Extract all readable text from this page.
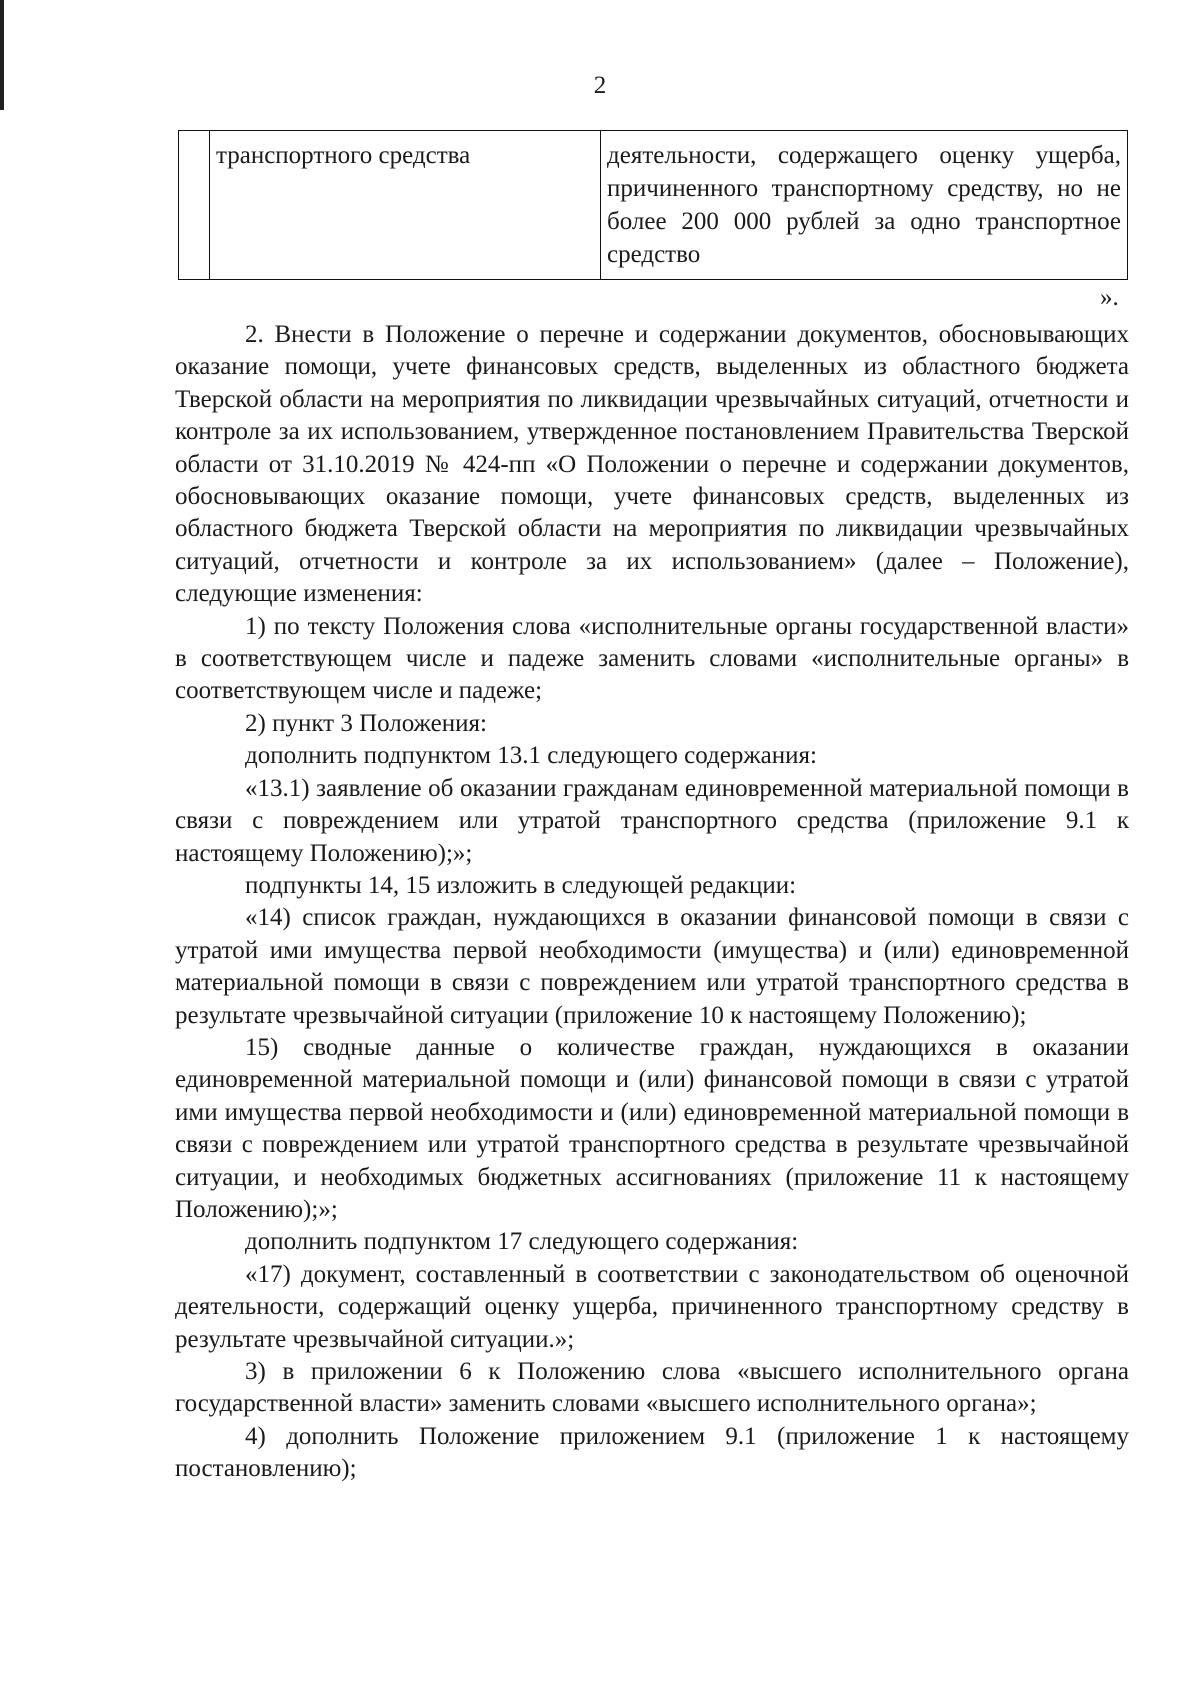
2
	транспортного средства	деятельности, содержащего оценку ущерба, причиненного транспортному средству, но не более 200 000 рублей за одно транспортное средство
».

2. Внести в Положение о перечне и содержании документов, обосновывающих оказание помощи, учете финансовых средств, выделенных из областного бюджета Тверской области на мероприятия по ликвидации чрезвычайных ситуаций, отчетности и контроле за их использованием, утвержденное постановлением Правительства Тверской области от 31.10.2019 № 424-пп «О Положении о перечне и содержании документов, обосновывающих оказание помощи, учете финансовых средств, выделенных из областного бюджета Тверской области на мероприятия по ликвидации чрезвычайных ситуаций, отчетности и контроле за их использованием» (далее – Положение), следующие изменения:

1) по тексту Положения слова «исполнительные органы государственной власти» в соответствующем числе и падеже заменить словами «исполнительные органы» в соответствующем числе и падеже;

2) пункт 3 Положения:

дополнить подпунктом 13.1 следующего содержания:

«13.1) заявление об оказании гражданам единовременной материальной помощи в связи с повреждением или утратой транспортного средства (приложение 9.1 к настоящему Положению);»;

подпункты 14, 15 изложить в следующей редакции:

«14) список граждан, нуждающихся в оказании финансовой помощи в связи с утратой ими имущества первой необходимости (имущества) и (или) единовременной материальной помощи в связи с повреждением или утратой транспортного средства в результате чрезвычайной ситуации (приложение 10 к настоящему Положению);

15) сводные данные о количестве граждан, нуждающихся в оказании единовременной материальной помощи и (или) финансовой помощи в связи с утратой ими имущества первой необходимости и (или) единовременной материальной помощи в связи с повреждением или утратой транспортного средства в результате чрезвычайной ситуации, и необходимых бюджетных ассигнованиях (приложение 11 к настоящему Положению);»;

дополнить подпунктом 17 следующего содержания:

«17) документ, составленный в соответствии с законодательством об оценочной деятельности, содержащий оценку ущерба, причиненного транспортному средству в результате чрезвычайной ситуации.»;

3) в приложении 6 к Положению слова «высшего исполнительного органа государственной власти» заменить словами «высшего исполнительного органа»;

4) дополнить Положение приложением 9.1 (приложение 1 к настоящему постановлению);
